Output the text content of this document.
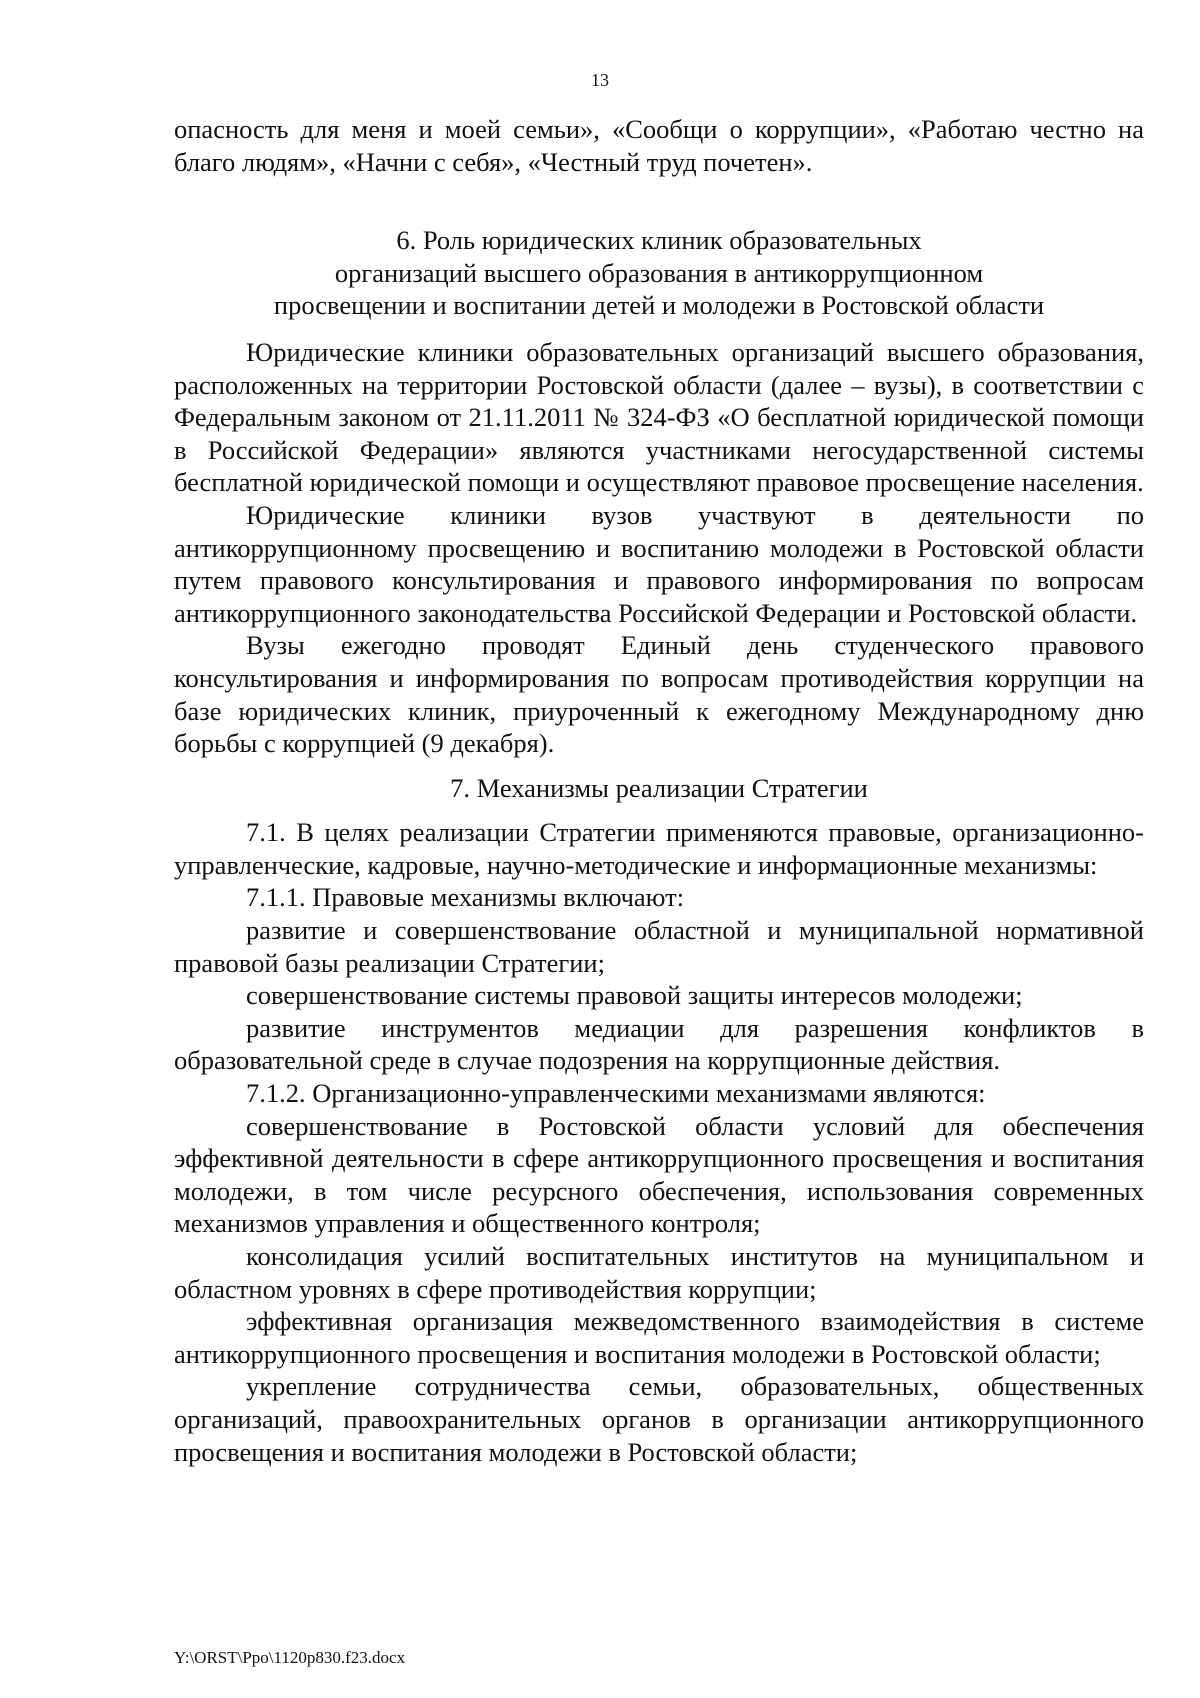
13

опасность для меня и моей семьи», «Сообщи о коррупции», «Работаю честно на благо людям», «Начни с себя», «Честный труд почетен».

6. Роль юридических клиник образовательных
организаций высшего образования в антикоррупционном
просвещении и воспитании детей и молодежи в Ростовской области

Юридические клиники образовательных организаций высшего образования, расположенных на территории Ростовской области (далее – вузы), в соответствии с Федеральным законом от 21.11.2011 № 324-ФЗ «О бесплатной юридической помощи в Российской Федерации» являются участниками негосударственной системы бесплатной юридической помощи и осуществляют правовое просвещение населения.

Юридические клиники вузов участвуют в деятельности по антикоррупционному просвещению и воспитанию молодежи в Ростовской области путем правового консультирования и правового информирования по вопросам антикоррупционного законодательства Российской Федерации и Ростовской области.

Вузы ежегодно проводят Единый день студенческого правового консультирования и информирования по вопросам противодействия коррупции на базе юридических клиник, приуроченный к ежегодному Международному дню борьбы с коррупцией (9 декабря).

7. Механизмы реализации Стратегии

7.1. В целях реализации Стратегии применяются правовые, организационно-управленческие, кадровые, научно-методические и информационные механизмы:

7.1.1. Правовые механизмы включают:

развитие и совершенствование областной и муниципальной нормативной правовой базы реализации Стратегии;

совершенствование системы правовой защиты интересов молодежи;

развитие инструментов медиации для разрешения конфликтов в образовательной среде в случае подозрения на коррупционные действия.

7.1.2. Организационно-управленческими механизмами являются:

совершенствование в Ростовской области условий для обеспечения эффективной деятельности в сфере антикоррупционного просвещения и воспитания молодежи, в том числе ресурсного обеспечения, использования современных механизмов управления и общественного контроля;

консолидация усилий воспитательных институтов на муниципальном и областном уровнях в сфере противодействия коррупции;

эффективная организация межведомственного взаимодействия в системе антикоррупционного просвещения и воспитания молодежи в Ростовской области;

укрепление сотрудничества семьи, образовательных, общественных организаций, правоохранительных органов в организации антикоррупционного просвещения и воспитания молодежи в Ростовской области;

Y:\ORST\Ppo\1120p830.f23.docx
